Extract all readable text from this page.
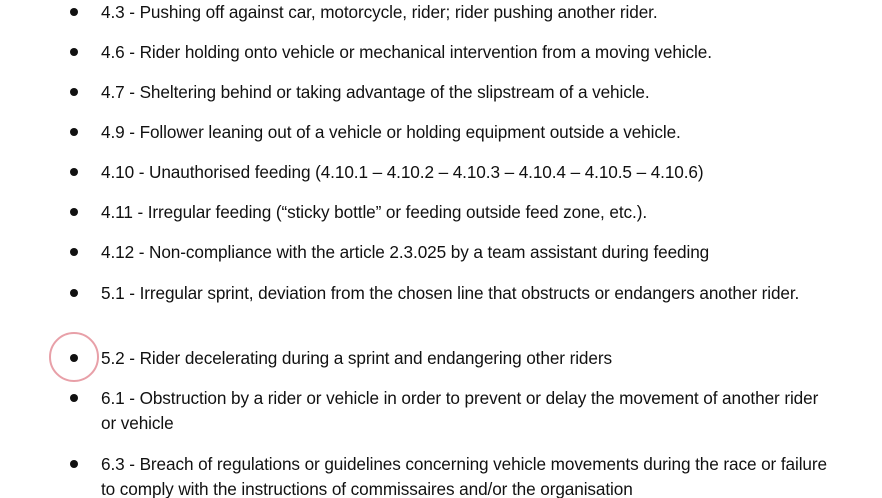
4.3 - Pushing off against car, motorcycle, rider; rider pushing another rider.
4.6 - Rider holding onto vehicle or mechanical intervention from a moving vehicle.
4.7 - Sheltering behind or taking advantage of the slipstream of a vehicle.
4.9 - Follower leaning out of a vehicle or holding equipment outside a vehicle.
4.10 - Unauthorised feeding (4.10.1 – 4.10.2 – 4.10.3 – 4.10.4 – 4.10.5 – 4.10.6)
4.11 - Irregular feeding (“sticky bottle” or feeding outside feed zone, etc.).
4.12 - Non-compliance with the article 2.3.025 by a team assistant during feeding
5.1 - Irregular sprint, deviation from the chosen line that obstructs or endangers another rider.
5.2 - Rider decelerating during a sprint and endangering other riders
6.1 - Obstruction by a rider or vehicle in order to prevent or delay the movement of another rider or vehicle
6.3 - Breach of regulations or guidelines concerning vehicle movements during the race or failure to comply with the instructions of commissaires and/or the organisation
